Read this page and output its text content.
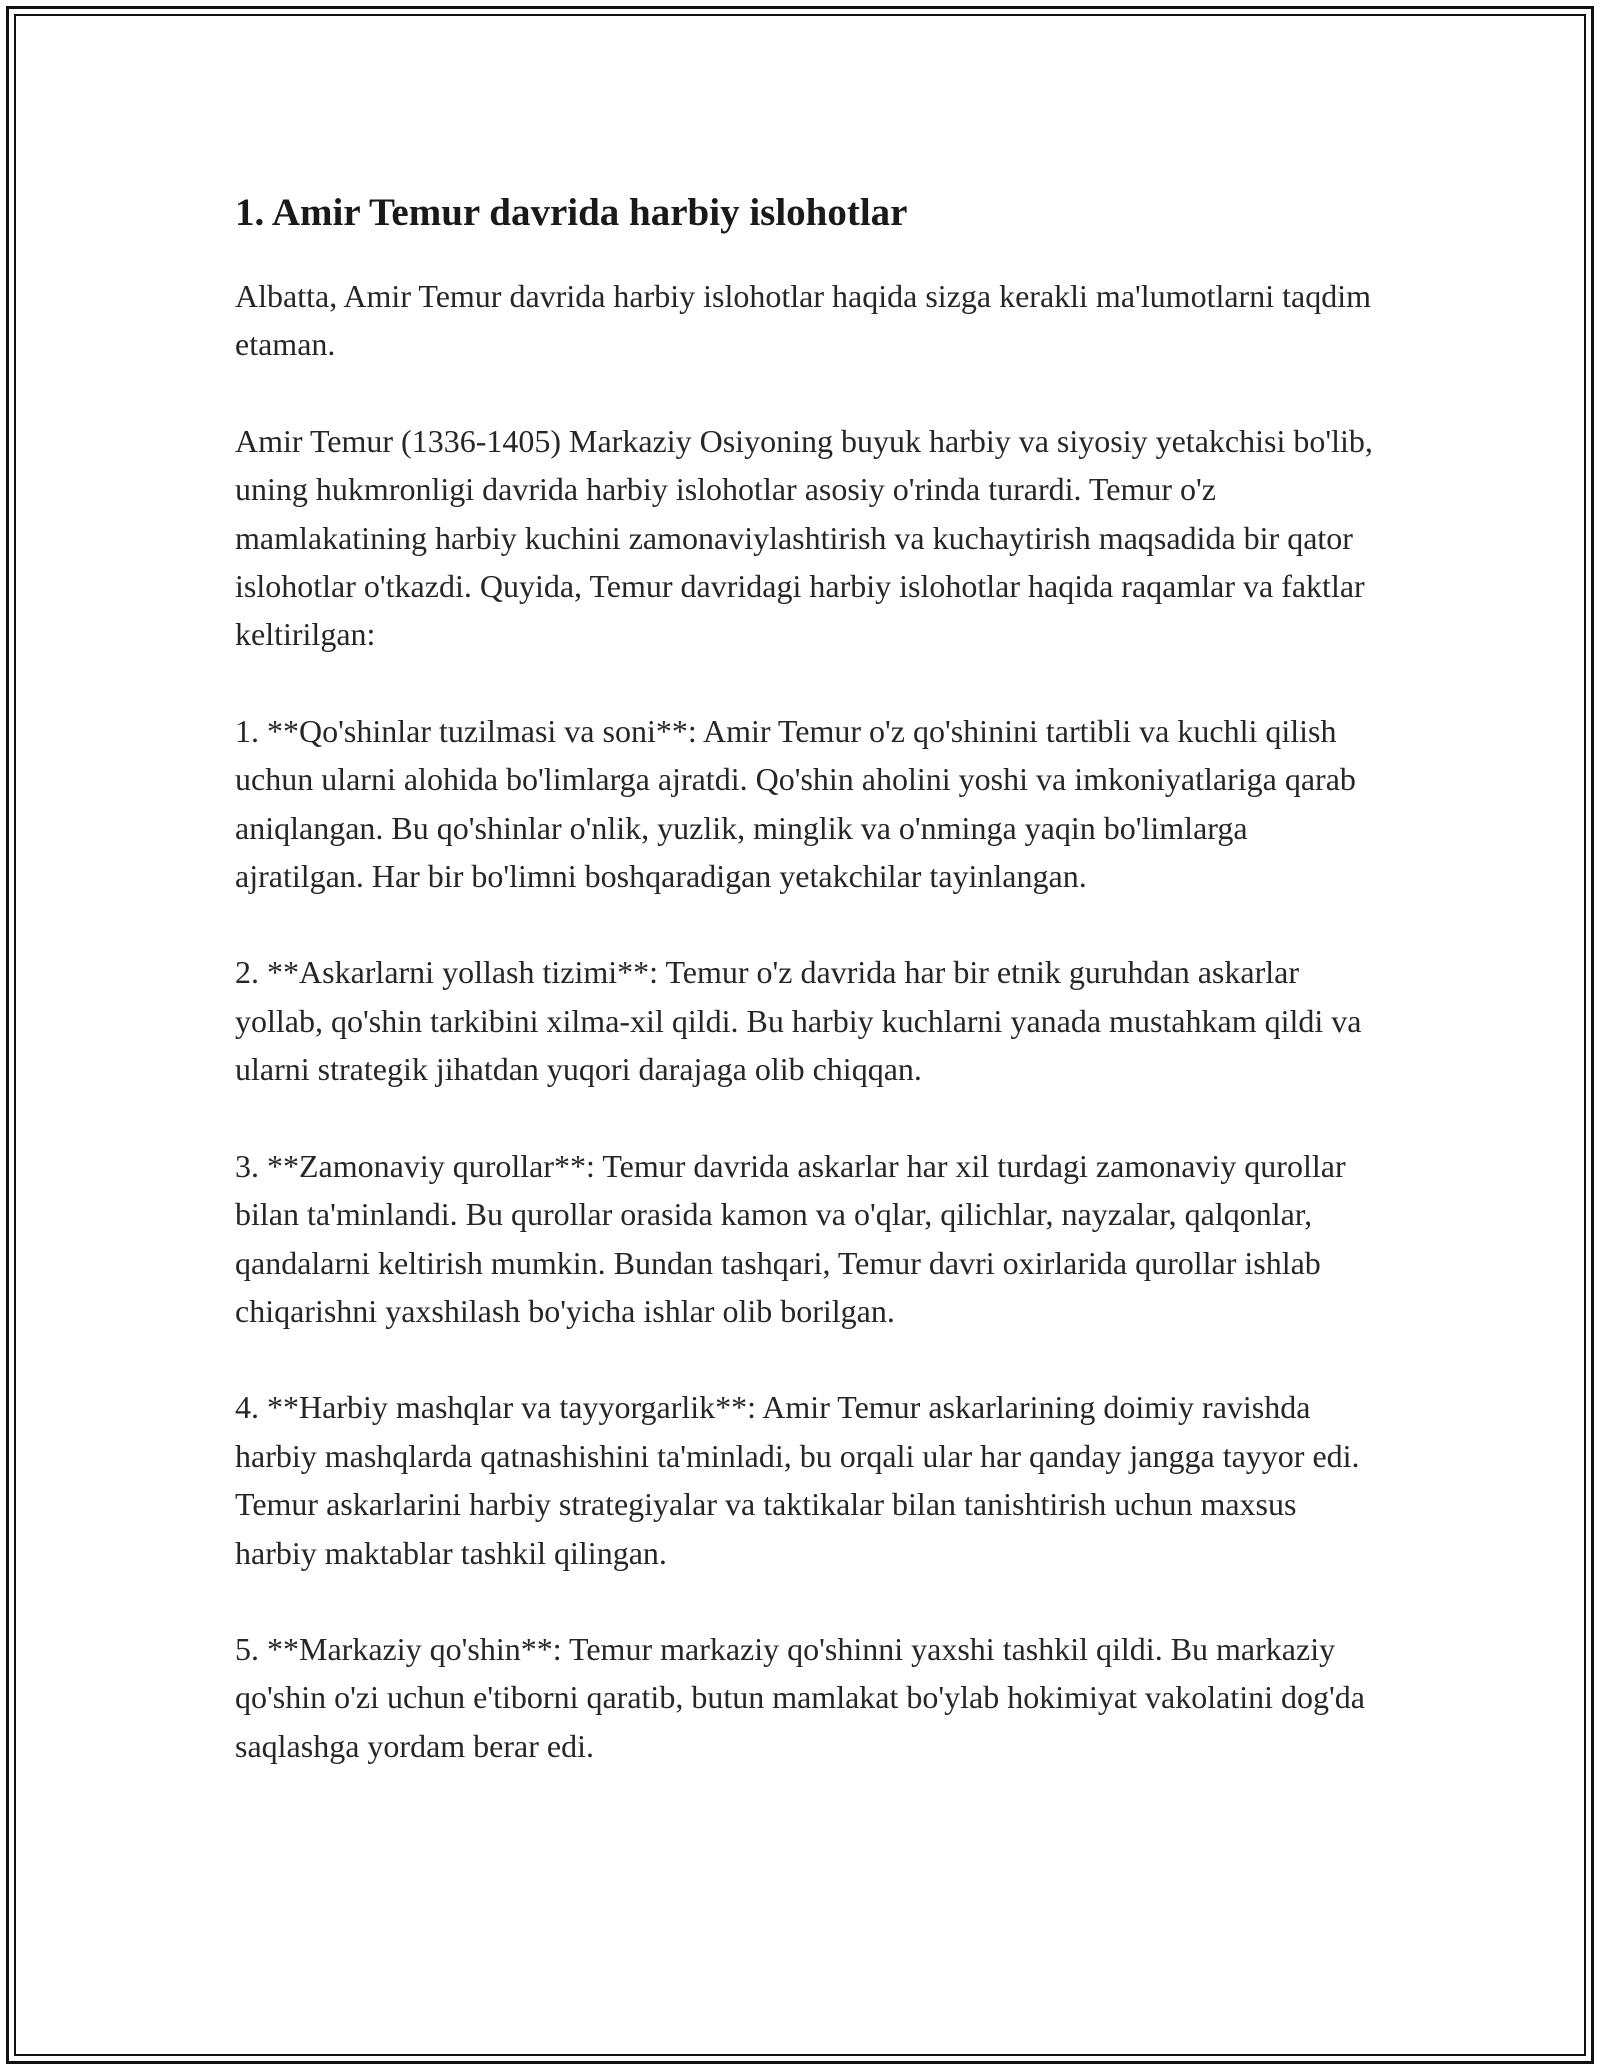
1. Amir Temur davrida harbiy islohotlar

Albatta, Amir Temur davrida harbiy islohotlar haqida sizga kerakli ma'lumotlarni taqdim etaman.

Amir Temur (1336-1405) Markaziy Osiyoning buyuk harbiy va siyosiy yetakchisi bo'lib, uning hukmronligi davrida harbiy islohotlar asosiy o'rinda turardi. Temur o'z mamlakatining harbiy kuchini zamonaviylashtirish va kuchaytirish maqsadida bir qator islohotlar o'tkazdi. Quyida, Temur davridagi harbiy islohotlar haqida raqamlar va faktlar keltirilgan:

1. **Qo'shinlar tuzilmasi va soni**: Amir Temur o'z qo'shinini tartibli va kuchli qilish uchun ularni alohida bo'limlarga ajratdi. Qo'shin aholini yoshi va imkoniyatlariga qarab aniqlangan. Bu qo'shinlar o'nlik, yuzlik, minglik va o'nminga yaqin bo'limlarga ajratilgan. Har bir bo'limni boshqaradigan yetakchilar tayinlangan.

2. **Askarlarni yollash tizimi**: Temur o'z davrida har bir etnik guruhdan askarlar yollab, qo'shin tarkibini xilma-xil qildi. Bu harbiy kuchlarni yanada mustahkam qildi va ularni strategik jihatdan yuqori darajaga olib chiqqan.

3. **Zamonaviy qurollar**: Temur davrida askarlar har xil turdagi zamonaviy qurollar bilan ta'minlandi. Bu qurollar orasida kamon va o'qlar, qilichlar, nayzalar, qalqonlar, qandalarni keltirish mumkin. Bundan tashqari, Temur davri oxirlarida qurollar ishlab chiqarishni yaxshilash bo'yicha ishlar olib borilgan.

4. **Harbiy mashqlar va tayyorgarlik**: Amir Temur askarlarining doimiy ravishda harbiy mashqlarda qatnashishini ta'minladi, bu orqali ular har qanday jangga tayyor edi. Temur askarlarini harbiy strategiyalar va taktikalar bilan tanishtirish uchun maxsus harbiy maktablar tashkil qilingan.

5. **Markaziy qo'shin**: Temur markaziy qo'shinni yaxshi tashkil qildi. Bu markaziy qo'shin o'zi uchun e'tiborni qaratib, butun mamlakat bo'ylab hokimiyat vakolatini dog'da saqlashga yordam berar edi.
